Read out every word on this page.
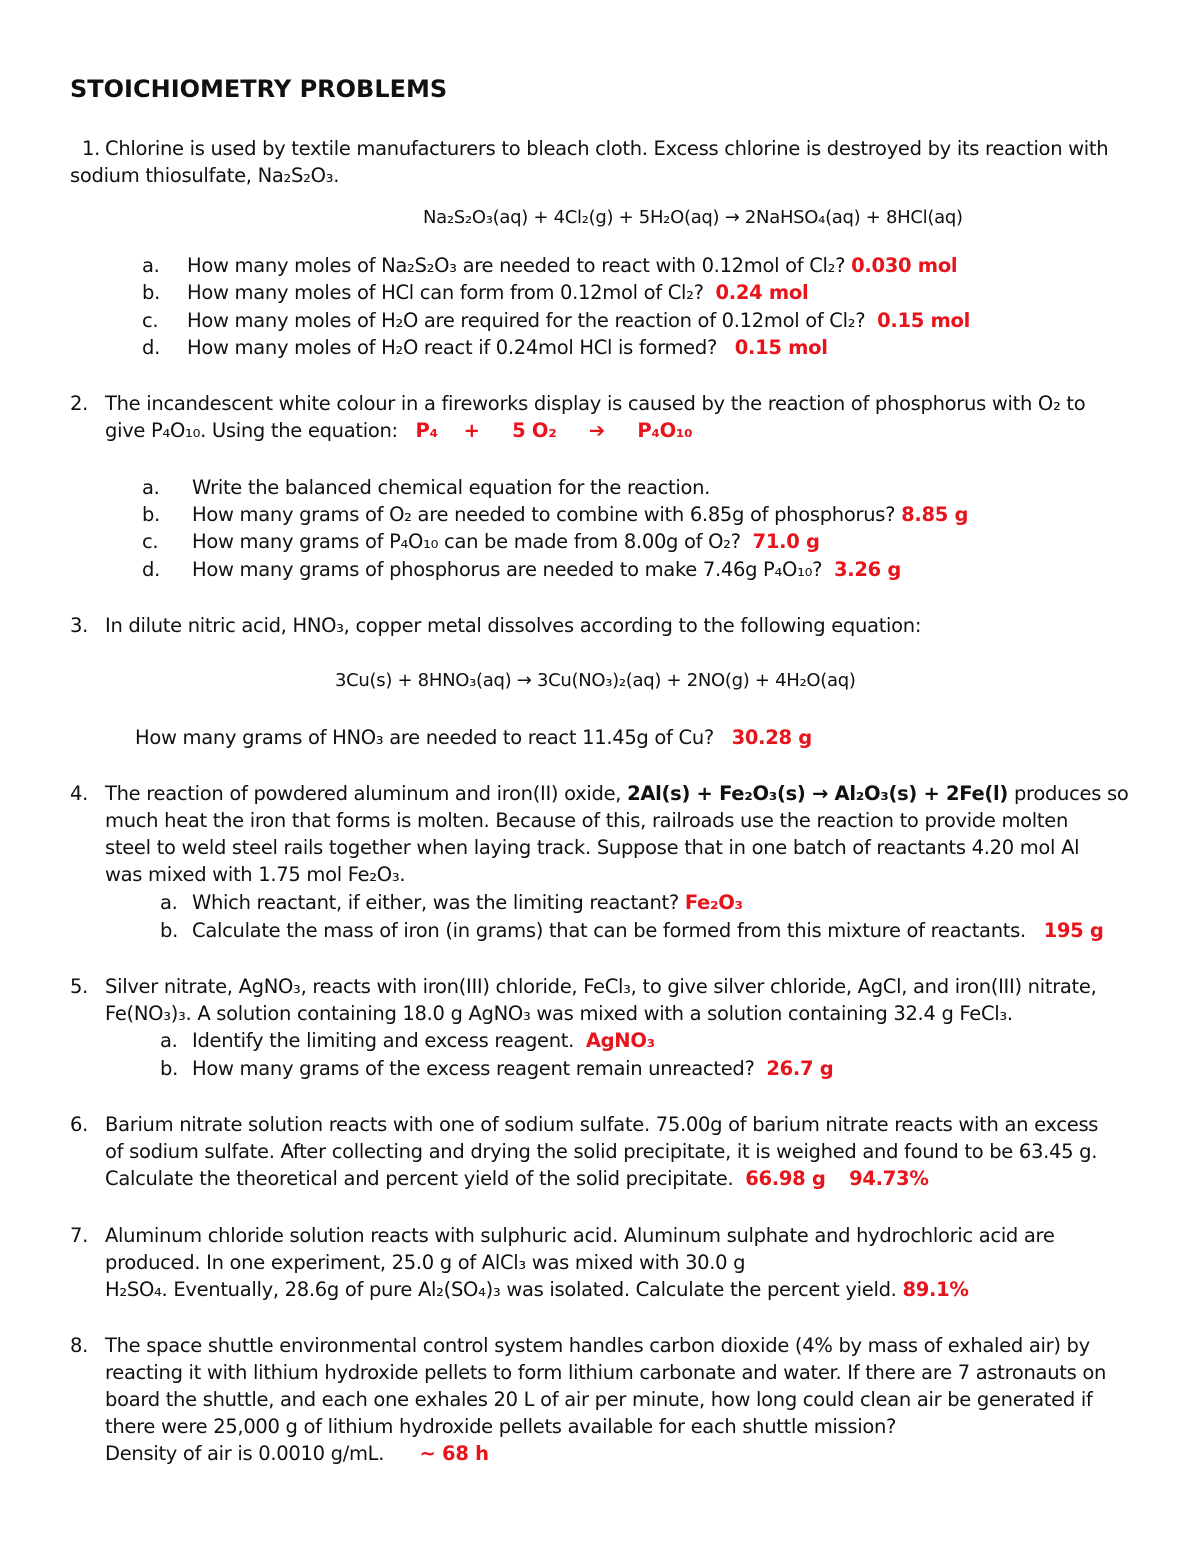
STOICHIOMETRY PROBLEMS
1. Chlorine is used by textile manufacturers to bleach cloth. Excess chlorine is destroyed by its reaction with
sodium thiosulfate, Na₂S₂O₃.
Na₂S₂O₃(aq) + 4Cl₂(g) + 5H₂O(aq) → 2NaHSO₄(aq) + 8HCl(aq)
a. How many moles of Na₂S₂O₃ are needed to react with 0.12mol of Cl₂? 0.030 mol
b. How many moles of HCl can form from 0.12mol of Cl₂? 0.24 mol
c. How many moles of H₂O are required for the reaction of 0.12mol of Cl₂? 0.15 mol
d. How many moles of H₂O react if 0.24mol HCl is formed? 0.15 mol
2. The incandescent white colour in a fireworks display is caused by the reaction of phosphorus with O₂ to
give P₄O₁₀. Using the equation: P₄    +     5 O₂     ➔     P₄O₁₀
a. Write the balanced chemical equation for the reaction.
b. How many grams of O₂ are needed to combine with 6.85g of phosphorus? 8.85 g
c. How many grams of P₄O₁₀ can be made from 8.00g of O₂? 71.0 g
d. How many grams of phosphorus are needed to make 7.46g P₄O₁₀? 3.26 g
3. In dilute nitric acid, HNO₃, copper metal dissolves according to the following equation:
3Cu(s) + 8HNO₃(aq) → 3Cu(NO₃)₂(aq) + 2NO(g) + 4H₂O(aq)
How many grams of HNO₃ are needed to react 11.45g of Cu? 30.28 g
4. The reaction of powdered aluminum and iron(II) oxide, 2Al(s) + Fe₂O₃(s) → Al₂O₃(s) + 2Fe(l) produces so
much heat the iron that forms is molten. Because of this, railroads use the reaction to provide molten
steel to weld steel rails together when laying track. Suppose that in one batch of reactants 4.20 mol Al
was mixed with 1.75 mol Fe₂O₃.
a. Which reactant, if either, was the limiting reactant? Fe₂O₃
b. Calculate the mass of iron (in grams) that can be formed from this mixture of reactants. 195 g
5. Silver nitrate, AgNO₃, reacts with iron(III) chloride, FeCl₃, to give silver chloride, AgCl, and iron(III) nitrate,
Fe(NO₃)₃. A solution containing 18.0 g AgNO₃ was mixed with a solution containing 32.4 g FeCl₃.
a. Identify the limiting and excess reagent. AgNO₃
b. How many grams of the excess reagent remain unreacted? 26.7 g
6. Barium nitrate solution reacts with one of sodium sulfate. 75.00g of barium nitrate reacts with an excess
of sodium sulfate. After collecting and drying the solid precipitate, it is weighed and found to be 63.45 g.
Calculate the theoretical and percent yield of the solid precipitate. 66.98 g 94.73%
7. Aluminum chloride solution reacts with sulphuric acid. Aluminum sulphate and hydrochloric acid are
produced. In one experiment, 25.0 g of AlCl₃ was mixed with 30.0 g
H₂SO₄. Eventually, 28.6g of pure Al₂(SO₄)₃ was isolated. Calculate the percent yield. 89.1%
8. The space shuttle environmental control system handles carbon dioxide (4% by mass of exhaled air) by
reacting it with lithium hydroxide pellets to form lithium carbonate and water. If there are 7 astronauts on
board the shuttle, and each one exhales 20 L of air per minute, how long could clean air be generated if
there were 25,000 g of lithium hydroxide pellets available for each shuttle mission?
Density of air is 0.0010 g/mL. ~ 68 h
